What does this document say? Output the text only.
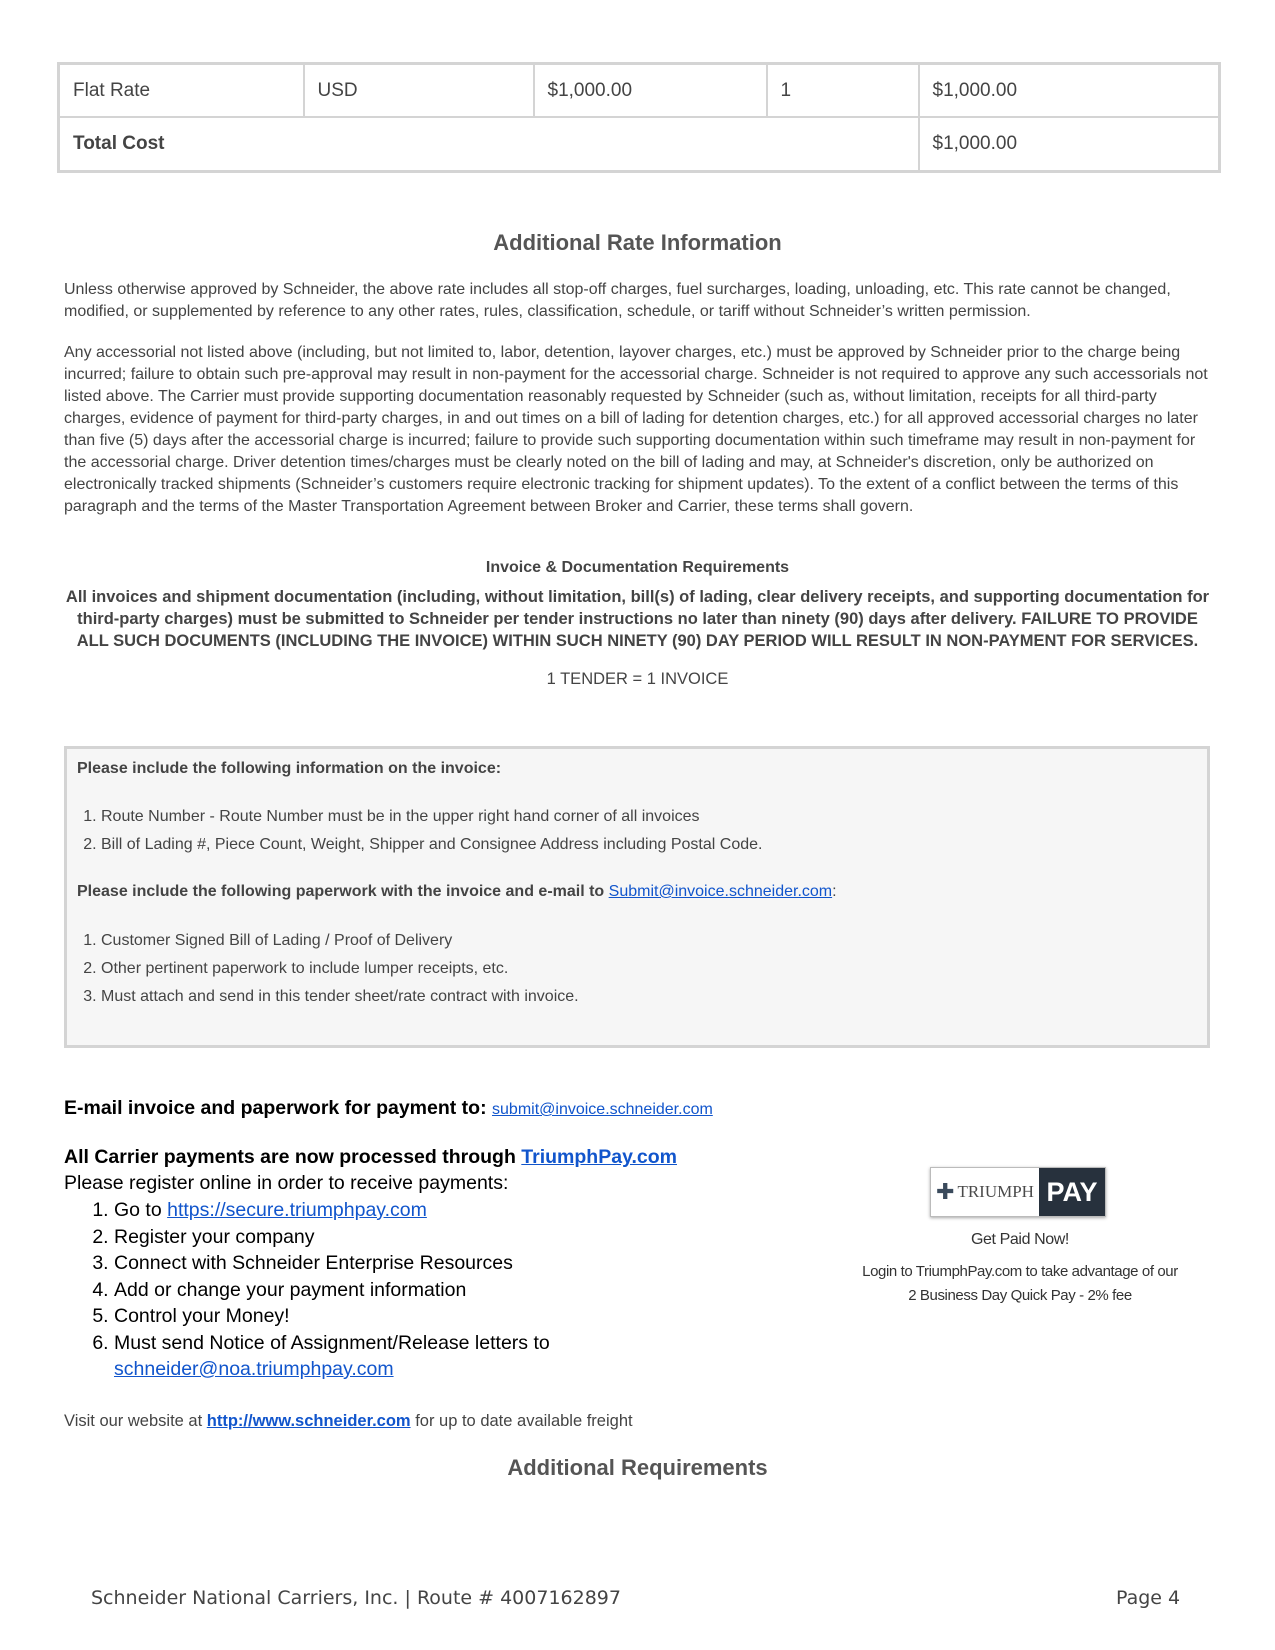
Flat Rate	USD	$1,000.00	1	$1,000.00
Total Cost				$1,000.00
Additional Rate Information
Unless otherwise approved by Schneider, the above rate includes all stop-off charges, fuel surcharges, loading, unloading, etc. This rate cannot be changed, modified, or supplemented by reference to any other rates, rules, classification, schedule, or tariff without Schneider’s written permission.
Any accessorial not listed above (including, but not limited to, labor, detention, layover charges, etc.) must be approved by Schneider prior to the charge being incurred; failure to obtain such pre-approval may result in non-payment for the accessorial charge. Schneider is not required to approve any such accessorials not listed above. The Carrier must provide supporting documentation reasonably requested by Schneider (such as, without limitation, receipts for all third-party charges, evidence of payment for third-party charges, in and out times on a bill of lading for detention charges, etc.) for all approved accessorial charges no later than five (5) days after the accessorial charge is incurred; failure to provide such supporting documentation within such timeframe may result in non-payment for the accessorial charge. Driver detention times/charges must be clearly noted on the bill of lading and may, at Schneider's discretion, only be authorized on electronically tracked shipments (Schneider’s customers require electronic tracking for shipment updates). To the extent of a conflict between the terms of this paragraph and the terms of the Master Transportation Agreement between Broker and Carrier, these terms shall govern.
Invoice & Documentation Requirements
All invoices and shipment documentation (including, without limitation, bill(s) of lading, clear delivery receipts, and supporting documentation for third-party charges) must be submitted to Schneider per tender instructions no later than ninety (90) days after delivery. FAILURE TO PROVIDE ALL SUCH DOCUMENTS (INCLUDING THE INVOICE) WITHIN SUCH NINETY (90) DAY PERIOD WILL RESULT IN NON-PAYMENT FOR SERVICES.
1 TENDER = 1 INVOICE
Please include the following information on the invoice:
1. Route Number - Route Number must be in the upper right hand corner of all invoices
2. Bill of Lading #, Piece Count, Weight, Shipper and Consignee Address including Postal Code.
Please include the following paperwork with the invoice and e-mail to Submit@invoice.schneider.com:
1. Customer Signed Bill of Lading / Proof of Delivery
2. Other pertinent paperwork to include lumper receipts, etc.
3. Must attach and send in this tender sheet/rate contract with invoice.
E-mail invoice and paperwork for payment to: submit@invoice.schneider.com
All Carrier payments are now processed through TriumphPay.com
Please register online in order to receive payments:
1. Go to https://secure.triumphpay.com
2. Register your company
3. Connect with Schneider Enterprise Resources
4. Add or change your payment information
5. Control your Money!
6. Must send Notice of Assignment/Release letters to
schneider@noa.triumphpay.com
✚ TRIUMPH PAY
Get Paid Now!
Login to TriumphPay.com to take advantage of our
2 Business Day Quick Pay - 2% fee
Visit our website at http://www.schneider.com for up to date available freight
Additional Requirements
Schneider National Carriers, Inc. | Route # 4007162897	Page 4
